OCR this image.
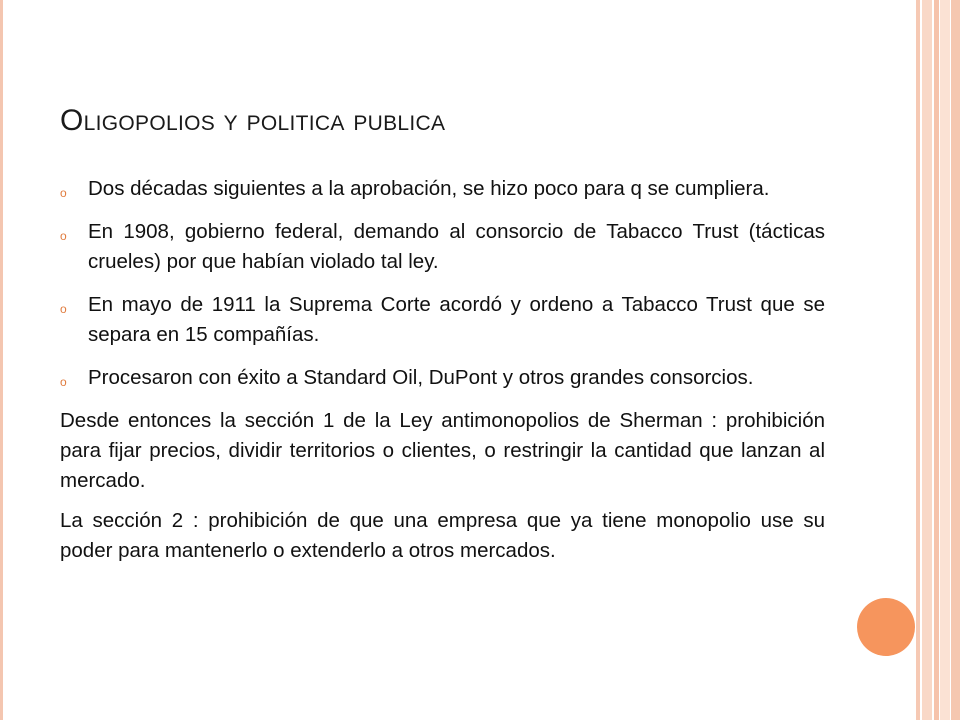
Oligopolios y politica publica
o Dos décadas siguientes a la aprobación, se hizo poco para q se cumpliera.
o En 1908, gobierno federal, demando al consorcio de Tabacco Trust (tácticas crueles) por que habían violado tal ley.
o En mayo de 1911 la Suprema Corte acordó y ordeno a Tabacco Trust que se separa en 15 compañías.
o Procesaron con éxito a Standard Oil, DuPont y otros grandes consorcios.

Desde entonces la sección 1 de la Ley antimonopolios de Sherman : prohibición para fijar precios, dividir territorios o clientes, o restringir la cantidad que lanzan al mercado.

La sección 2 : prohibición de que una empresa que ya tiene monopolio use su poder para mantenerlo o extenderlo a otros mercados.
